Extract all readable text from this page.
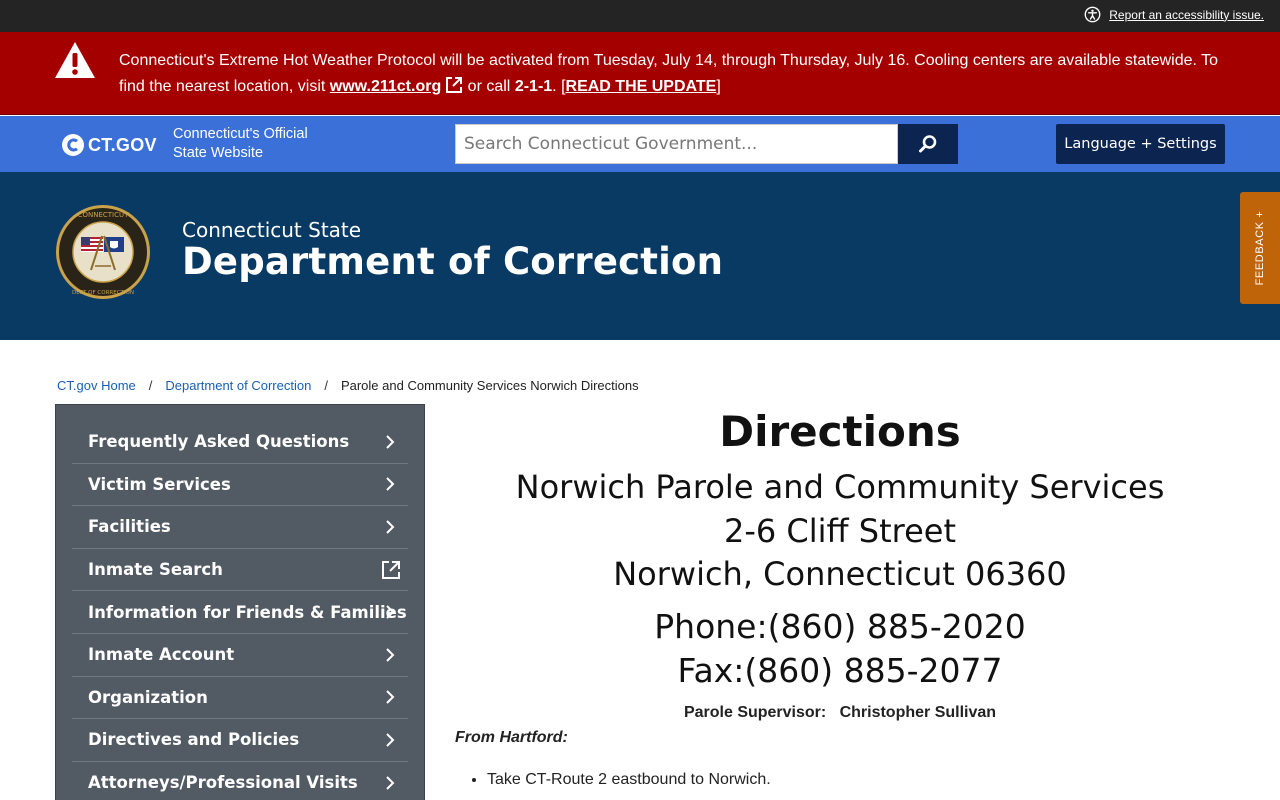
Report an accessibility issue.
Connecticut's Extreme Hot Weather Protocol will be activated from Tuesday, July 14, through Thursday, July 16. Cooling centers are available statewide. To find the nearest location, visit www.211ct.org or call 2-1-1. [READ THE UPDATE]
CT.GOV
Connecticut's Official
State Website
Search Connecticut Government...
Language + Settings
CONNECTICUT
DEPT OF CORRECTION
Connecticut State
Department of Correction	FEEDBACK +
CT.gov Home / Department of Correction / Parole and Community Services Norwich Directions
Frequently Asked Questions
Victim Services
Facilities
Inmate Search
Information for Friends & Families
Inmate Account
Organization
Directives and Policies
Attorneys/Professional Visits
Directions
Norwich Parole and Community Services
2-6 Cliff Street
Norwich, Connecticut 06360
Phone:(860) 885-2020
Fax:(860) 885-2077
Parole Supervisor: Christopher Sullivan
From Hartford:
• Take CT-Route 2 eastbound to Norwich.
